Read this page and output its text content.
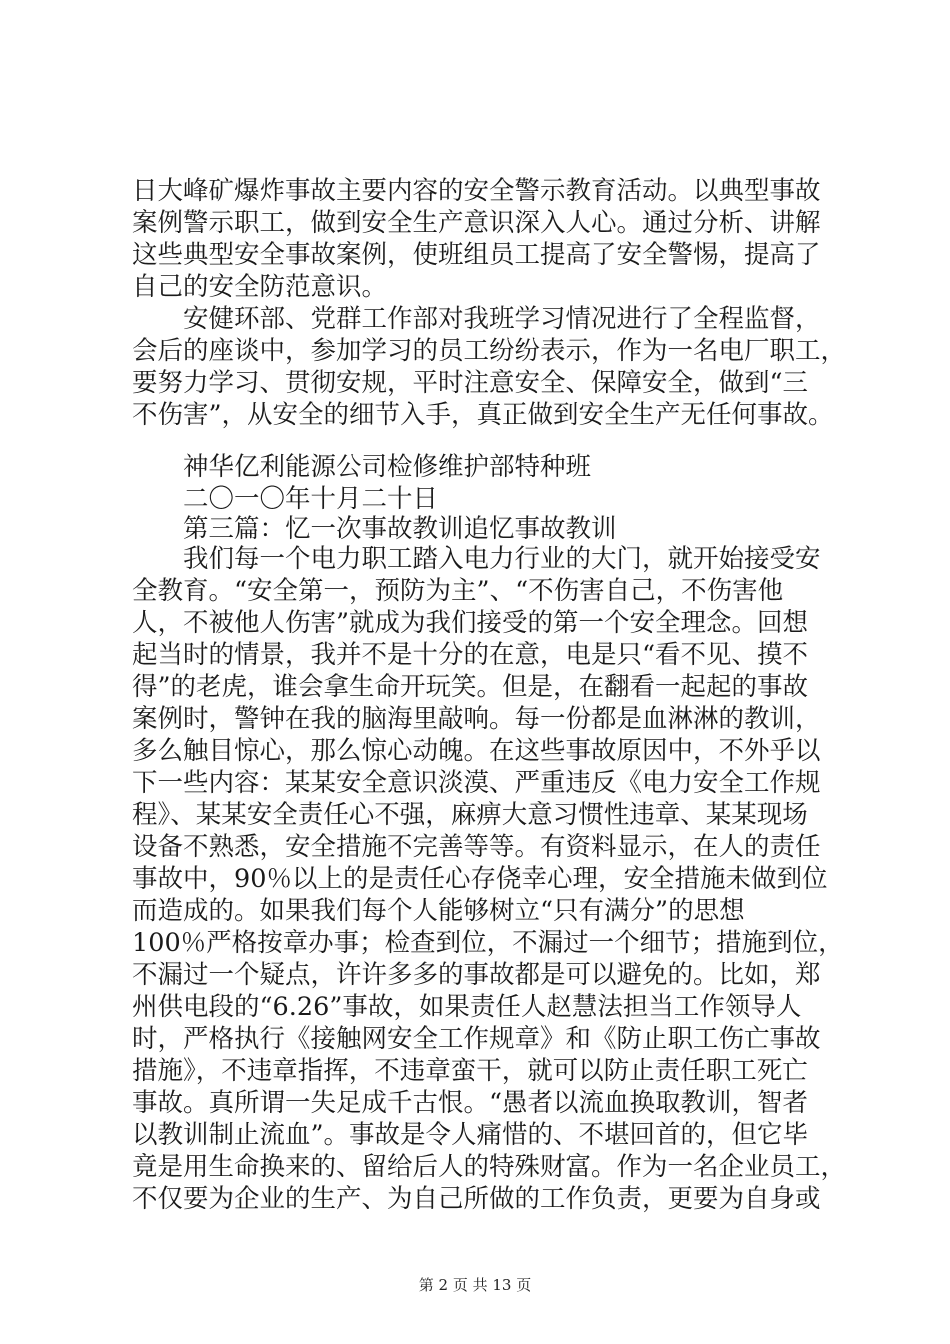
日大峰矿爆炸事故主要内容的安全警示教育活动。以典型事故
案例警示职工，做到安全生产意识深入人心。通过分析、讲解
这些典型安全事故案例，使班组员工提高了安全警惕，提高了
自己的安全防范意识。
　　安健环部、党群工作部对我班学习情况进行了全程监督，
会后的座谈中，参加学习的员工纷纷表示，作为一名电厂职工，
要努力学习、贯彻安规，平时注意安全、保障安全，做到“三
不伤害”，从安全的细节入手，真正做到安全生产无任何事故。
　　神华亿利能源公司检修维护部特种班
　　二〇一〇年十月二十日
　　第三篇：忆一次事故教训追忆事故教训
　　我们每一个电力职工踏入电力行业的大门，就开始接受安
全教育。“安全第一，预防为主”、“不伤害自己，不伤害他
人，不被他人伤害”就成为我们接受的第一个安全理念。回想
起当时的情景，我并不是十分的在意，电是只“看不见、摸不
得”的老虎，谁会拿生命开玩笑。但是，在翻看一起起的事故
案例时，警钟在我的脑海里敲响。每一份都是血淋淋的教训，
多么触目惊心，那么惊心动魄。在这些事故原因中，不外乎以
下一些内容：某某安全意识淡漠、严重违反《电力安全工作规
程》、某某安全责任心不强，麻痹大意习惯性违章、某某现场
设备不熟悉，安全措施不完善等等。有资料显示，在人的责任
事故中，90％以上的是责任心存侥幸心理，安全措施未做到位
而造成的。如果我们每个人能够树立“只有满分”的思想
100％严格按章办事；检查到位，不漏过一个细节；措施到位，
不漏过一个疑点，许许多多的事故都是可以避免的。比如，郑
州供电段的“6.26”事故，如果责任人赵慧法担当工作领导人
时，严格执行《接触网安全工作规章》和《防止职工伤亡事故
措施》，不违章指挥，不违章蛮干，就可以防止责任职工死亡
事故。真所谓一失足成千古恨。“愚者以流血换取教训，智者
以教训制止流血”。事故是令人痛惜的、不堪回首的，但它毕
竟是用生命换来的、留给后人的特殊财富。作为一名企业员工，
不仅要为企业的生产、为自己所做的工作负责，更要为自身或
第 2 页 共 13 页
